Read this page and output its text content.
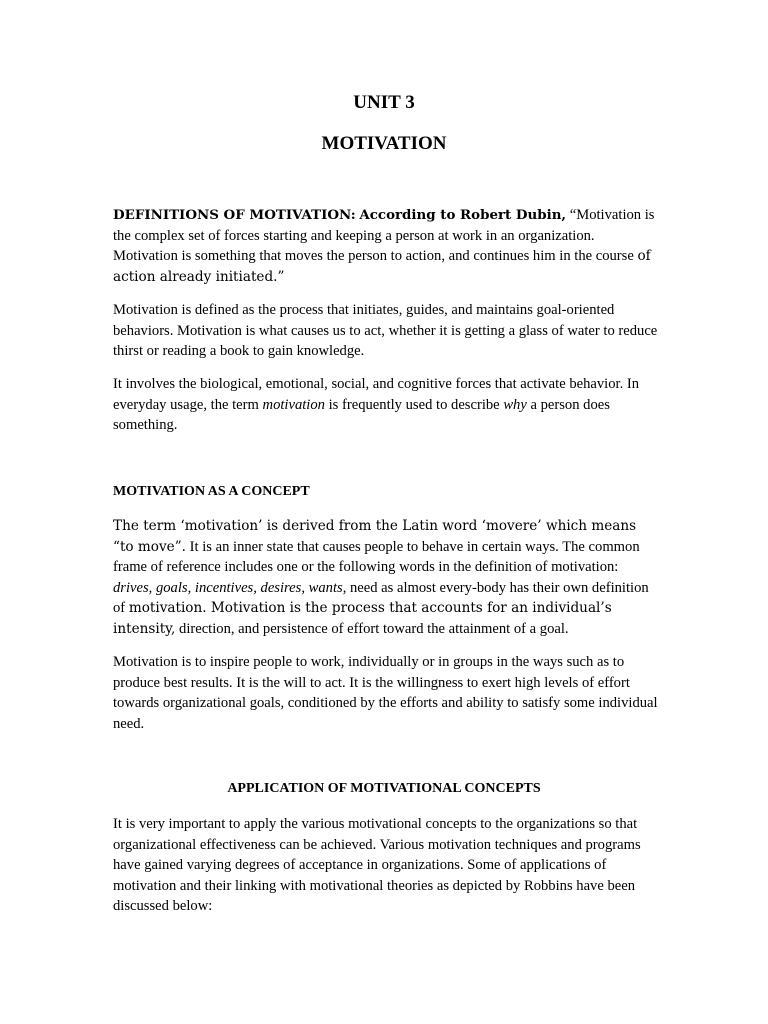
UNIT 3
MOTIVATION

DEFINITIONS OF MOTIVATION: According to Robert Dubin, “Motivation is the complex set of forces starting and keeping a person at work in an organization. Motivation is something that moves the person to action, and continues him in the course of action already initiated.”

Motivation is defined as the process that initiates, guides, and maintains goal-oriented behaviors. Motivation is what causes us to act, whether it is getting a glass of water to reduce thirst or reading a book to gain knowledge.

It involves the biological, emotional, social, and cognitive forces that activate behavior. In everyday usage, the term motivation is frequently used to describe why a person does something.

MOTIVATION AS A CONCEPT

The term ‘motivation’ is derived from the Latin word ‘movere’ which means “to move”. It is an inner state that causes people to behave in certain ways. The common frame of reference includes one or the following words in the definition of motivation: drives, goals, incentives, desires, wants, need as almost every-body has their own definition of motivation. Motivation is the process that accounts for an individual’s intensity, direction, and persistence of effort toward the attainment of a goal.

Motivation is to inspire people to work, individually or in groups in the ways such as to produce best results. It is the will to act. It is the willingness to exert high levels of effort towards organizational goals, conditioned by the efforts and ability to satisfy some individual need.

APPLICATION OF MOTIVATIONAL CONCEPTS

It is very important to apply the various motivational concepts to the organizations so that organizational effectiveness can be achieved. Various motivation techniques and programs have gained varying degrees of acceptance in organizations. Some of applications of motivation and their linking with motivational theories as depicted by Robbins have been discussed below:
